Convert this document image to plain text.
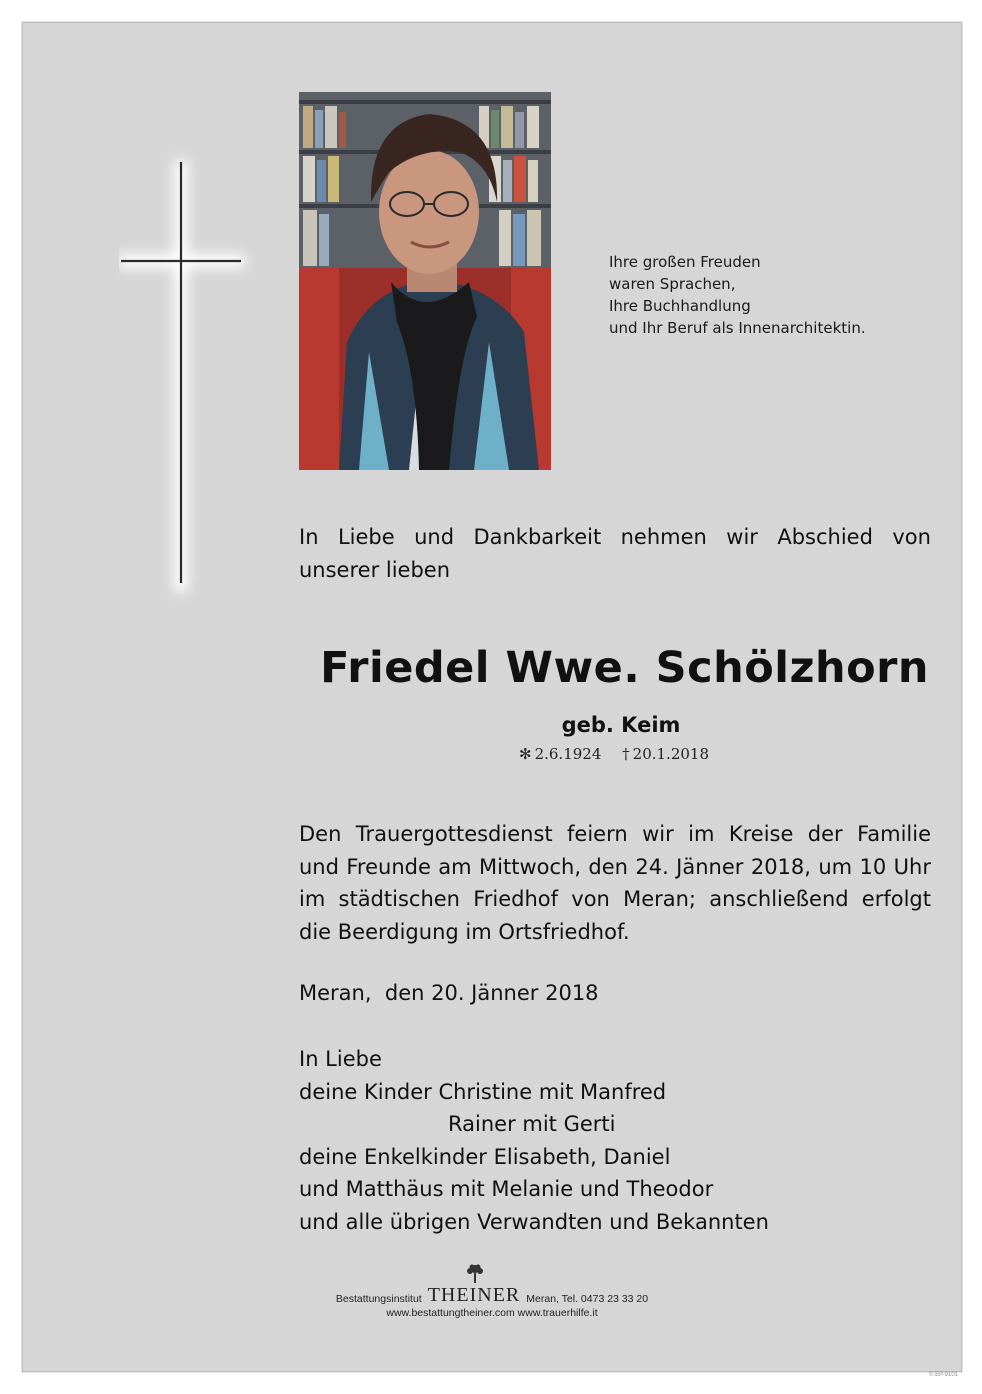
Ihre großen Freuden
waren Sprachen,
Ihre Buchhandlung
und Ihr Beruf als Innenarchitektin.
In Liebe und Dankbarkeit nehmen wir Abschied von
unserer lieben
Friedel Wwe. Schölzhorn
geb. Keim
✻  2.6.1924 †  20.1.2018
Den Trauergottesdienst feiern wir im Kreise der Familie
und Freunde am Mittwoch, den 24. Jänner 2018, um 10 Uhr
im städtischen Friedhof von Meran; anschließend erfolgt
die Beerdigung im Ortsfriedhof.
Meran,  den 20. Jänner 2018
In Liebe
deine Kinder Christine mit Manfred
Rainer mit Gerti
deine Enkelkinder Elisabeth, Daniel
und Matthäus mit Melanie und Theodor
und alle übrigen Verwandten und Bekannten
Bestattungsinstitut THEINER Meran, Tel. 0473 23 33 20
www.bestattungtheiner.com www.trauerhilfe.it
© EP 9101
